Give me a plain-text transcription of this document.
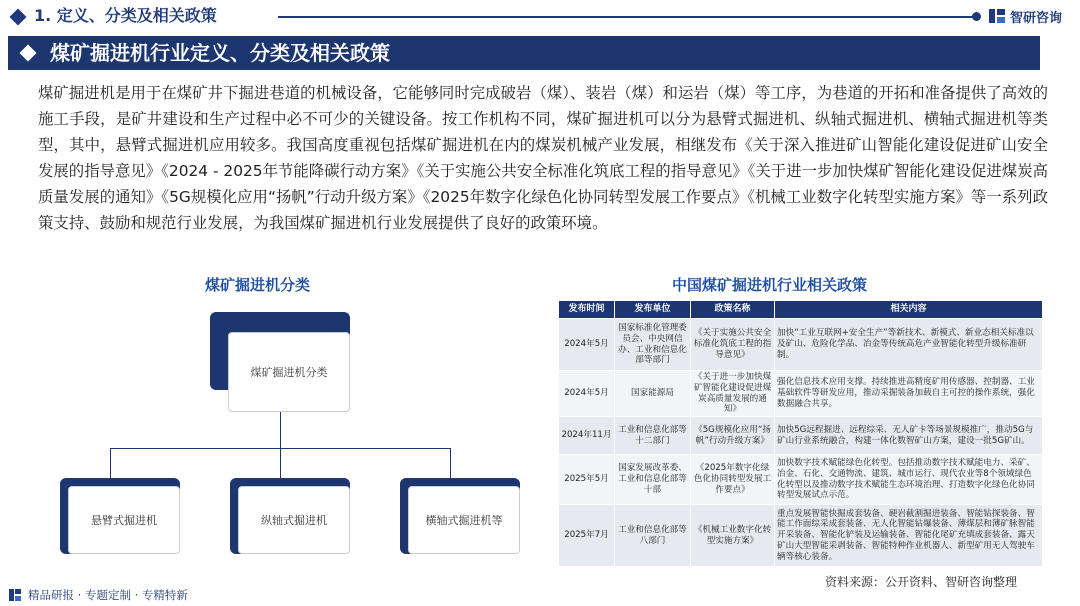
1. 定义、分类及相关政策	智研咨询
煤矿掘进机行业定义、分类及相关政策

煤矿掘进机是用于在煤矿井下掘进巷道的机械设备，它能够同时完成破岩（煤）、装岩（煤）和运岩（煤）等工序，为巷道的开拓和准备提供了高效的施工手段，是矿井建设和生产过程中必不可少的关键设备。按工作机构不同，煤矿掘进机可以分为悬臂式掘进机、纵轴式掘进机、横轴式掘进机等类型，其中，悬臂式掘进机应用较多。我国高度重视包括煤矿掘进机在内的煤炭机械产业发展，相继发布《关于深入推进矿山智能化建设促进矿山安全发展的指导意见》《2024 - 2025年节能降碳行动方案》《关于实施公共安全标准化筑底工程的指导意见》《关于进一步加快煤矿智能化建设促进煤炭高质量发展的通知》《5G规模化应用“扬帆”行动升级方案》《2025年数字化绿色化协同转型发展工作要点》《机械工业数字化转型实施方案》等一系列政策支持、鼓励和规范行业发展，为我国煤矿掘进机行业发展提供了良好的政策环境。

煤矿掘进机分类
煤矿掘进机分类
悬臂式掘进机	纵轴式掘进机	横轴式掘进机等
中国煤矿掘进机行业相关政策
发布时间	发布单位	政策名称	相关内容
2024年5月	国家标准化管理委员会、中央网信办、工业和信息化部等部门	《关于实施公共安全标准化筑底工程的指导意见》	加快“工业互联网+安全生产”等新技术、新模式、新业态相关标准以及矿山、危险化学品、冶金等传统高危产业智能化转型升级标准研制。
2024年5月	国家能源局	《关于进一步加快煤矿智能化建设促进煤炭高质量发展的通知》	强化信息技术应用支撑。持续推进高精度矿用传感器、控制器、工业基础软件等研发应用，推动采掘装备加载自主可控的操作系统，强化数据融合共享。
2024年11月	工业和信息化部等十二部门	《5G规模化应用“扬帆”行动升级方案》	加快5G远程掘进、远程综采、无人矿卡等场景规模推广，推动5G与矿山行业系统融合，构建一体化数智矿山方案，建设一批5G矿山。
2025年5月	国家发展改革委、工业和信息化部等十部	《2025年数字化绿色化协同转型发展工作要点》	加快数字技术赋能绿色化转型。包括推动数字技术赋能电力、采矿、冶金、石化、交通物流、建筑、城市运行、现代农业等8个领域绿色化转型以及推动数字技术赋能生态环境治理、打造数字化绿色化协同转型发展试点示范。
2025年7月	工业和信息化部等八部门	《机械工业数字化转型实施方案》	重点发展智能快掘成套装备、硬岩截割掘进装备、智能钻探装备、智能工作面综采成套装备、无人化智能钻爆装备、薄煤层和薄矿脉智能开采装备、智能化铲装及运输装备、智能化尾矿充填成套装备、露天矿山大型智能采剥装备、智能特种作业机器人、新型矿用无人驾驶车辆等核心装备。
资料来源：公开资料、智研咨询整理
精品研报 · 专题定制 · 专精特新
